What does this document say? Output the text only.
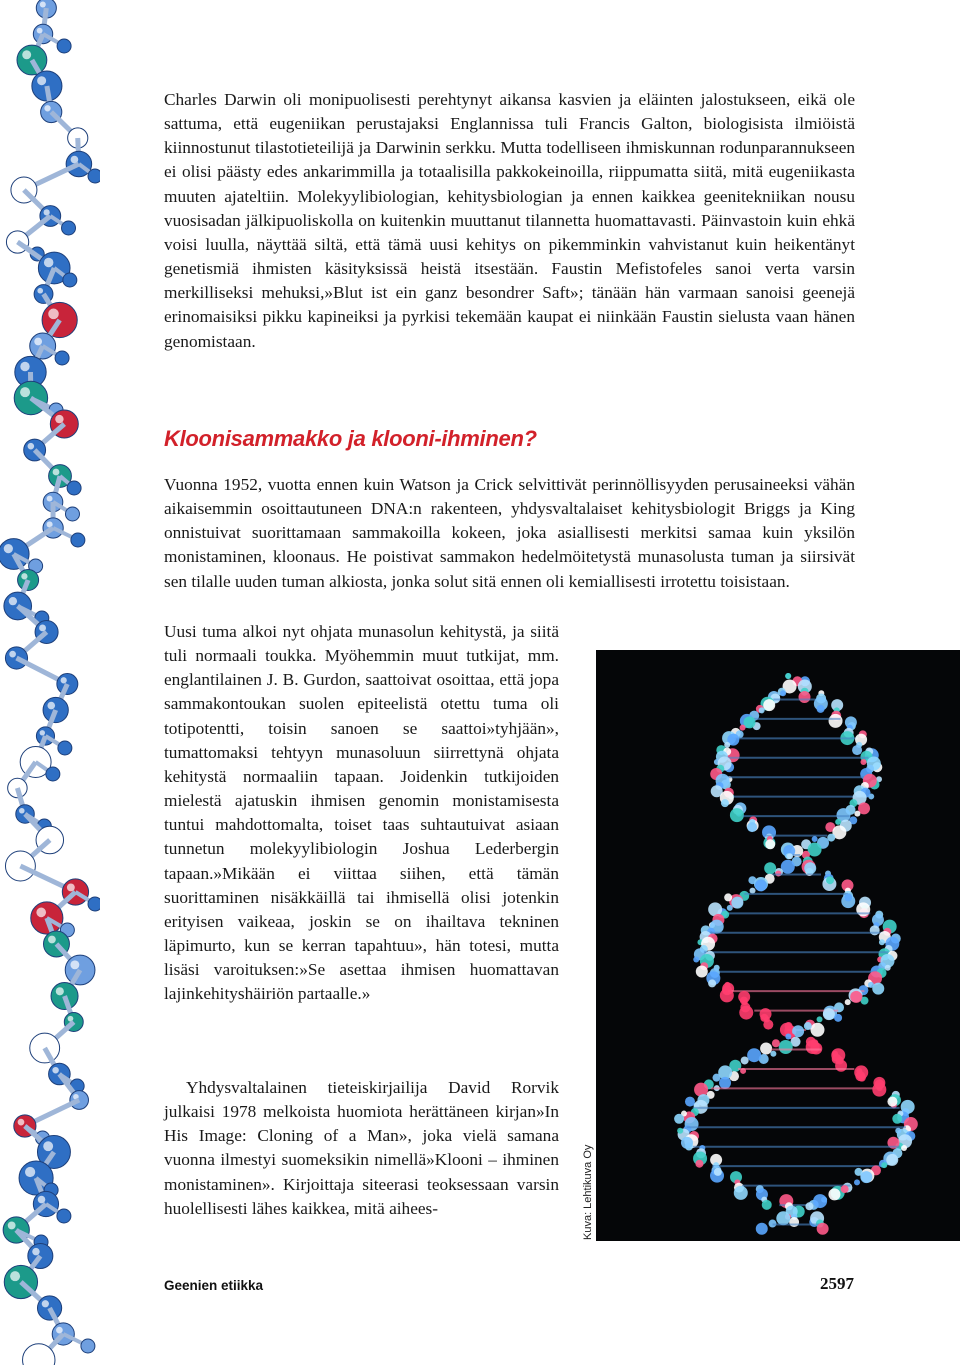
Charles Darwin oli monipuolisesti perehtynyt aikansa kasvien ja eläinten jalostukseen, eikä ole sattuma, että eugeniikan perustajaksi Englannissa tuli Francis Galton, biologisista ilmiöistä kiinnostunut tilastotieteilijä ja Darwinin serkku. Mutta todelliseen ihmiskunnan rodunparannukseen ei olisi päästy edes ankarimmilla ja totaalisilla pakkokeinoilla, riippumatta siitä, mitä eugeniikasta muuten ajateltiin. Molekyylibiologian, kehitysbiologian ja ennen kaikkea geenitekniikan nousu vuosisadan jälkipuoliskolla on kuitenkin muuttanut tilannetta huomattavasti. Päinvastoin kuin ehkä voisi luulla, näyttää siltä, että tämä uusi kehitys on pikemminkin vahvistanut kuin heikentänyt genetismiä ihmisten käsityksissä heistä itsestään. Faustin Mefistofeles sanoi verta varsin merkilliseksi mehuksi,»Blut ist ein ganz besondrer Saft»; tänään hän varmaan sanoisi geenejä erinomaisiksi pikku kapineiksi ja pyrkisi tekemään kaupat ei niinkään Faustin sielusta vaan hänen genomistaan.

Kloonisammakko ja klooni-ihminen?

Vuonna 1952, vuotta ennen kuin Watson ja Crick selvittivät perinnöllisyyden perusaineeksi vähän aikaisemmin osoittautuneen DNA:n rakenteen, yhdysvaltalaiset kehitysbiologit Briggs ja King onnistuivat suorittamaan sammakoilla kokeen, joka asiallisesti merkitsi samaa kuin yksilön monistaminen, kloonaus. He poistivat sammakon hedelmöitetystä munasolusta tuman ja siirsivät sen tilalle uuden tuman alkiosta, jonka solut sitä ennen oli kemiallisesti irrotettu toisistaan.

Uusi tuma alkoi nyt ohjata munasolun kehitystä, ja siitä tuli normaali toukka. Myöhemmin muut tutkijat, mm. englantilainen J. B. Gurdon, saattoivat osoittaa, että jopa sammakontoukan suolen epiteelistä otettu tuma oli totipotentti, toisin sanoen se saattoi»tyhjään», tumattomaksi tehtyyn munasoluun siirrettynä ohjata kehitystä normaaliin tapaan. Joidenkin tutkijoiden mielestä ajatuskin ihmisen genomin monistamisesta tuntui mahdottomalta, toiset taas suhtautuivat asiaan tunnetun molekyylibiologin Joshua Lederbergin tapaan.»Mikään ei viittaa siihen, että tämän suorittaminen nisäkkäillä tai ihmisellä olisi jotenkin erityisen vaikeaa, joskin se on ihailtava tekninen läpimurto, kun se kerran tapahtuu», hän totesi, mutta lisäsi varoituksen:»Se asettaa ihmisen huomattavan lajinkehityshäiriön partaalle.»

Yhdysvaltalainen tieteiskirjailija David Rorvik julkaisi 1978 melkoista huomiota herättäneen kirjan»In His Image: Cloning of a Man», joka vielä samana vuonna ilmestyi suomeksikin nimellä»Klooni – ihminen monistaminen». Kirjoittaja siteerasi teoksessaan varsin huolellisesti lähes kaikkea, mitä aihees-	Kuva: Lehtikuva Oy
Geenien etiikka	2597
